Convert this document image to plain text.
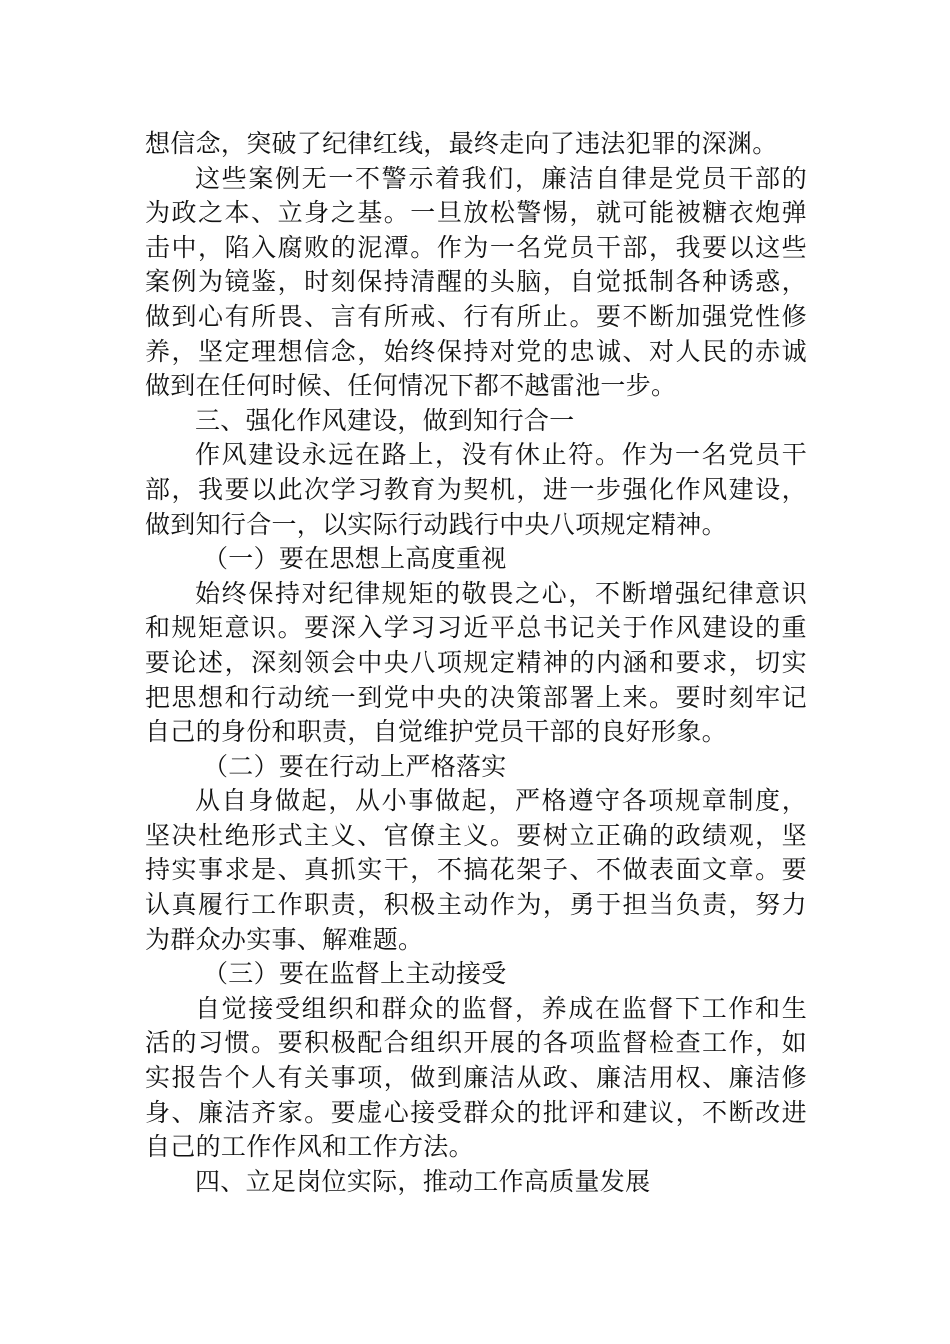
想信念，突破了纪律红线，最终走向了违法犯罪的深渊。
这些案例无一不警示着我们，廉洁自律是党员干部的
为政之本、立身之基。一旦放松警惕，就可能被糖衣炮弹
击中，陷入腐败的泥潭。作为一名党员干部，我要以这些
案例为镜鉴，时刻保持清醒的头脑，自觉抵制各种诱惑，
做到心有所畏、言有所戒、行有所止。要不断加强党性修
养，坚定理想信念，始终保持对党的忠诚、对人民的赤诚
做到在任何时候、任何情况下都不越雷池一步。
三、强化作风建设，做到知行合一
作风建设永远在路上，没有休止符。作为一名党员干
部，我要以此次学习教育为契机，进一步强化作风建设，
做到知行合一，以实际行动践行中央八项规定精神。
（一）要在思想上高度重视
始终保持对纪律规矩的敬畏之心，不断增强纪律意识
和规矩意识。要深入学习习近平总书记关于作风建设的重
要论述，深刻领会中央八项规定精神的内涵和要求，切实
把思想和行动统一到党中央的决策部署上来。要时刻牢记
自己的身份和职责，自觉维护党员干部的良好形象。
（二）要在行动上严格落实
从自身做起，从小事做起，严格遵守各项规章制度，
坚决杜绝形式主义、官僚主义。要树立正确的政绩观，坚
持实事求是、真抓实干，不搞花架子、不做表面文章。要
认真履行工作职责，积极主动作为，勇于担当负责，努力
为群众办实事、解难题。
（三）要在监督上主动接受
自觉接受组织和群众的监督，养成在监督下工作和生
活的习惯。要积极配合组织开展的各项监督检查工作，如
实报告个人有关事项，做到廉洁从政、廉洁用权、廉洁修
身、廉洁齐家。要虚心接受群众的批评和建议，不断改进
自己的工作作风和工作方法。
四、立足岗位实际，推动工作高质量发展
